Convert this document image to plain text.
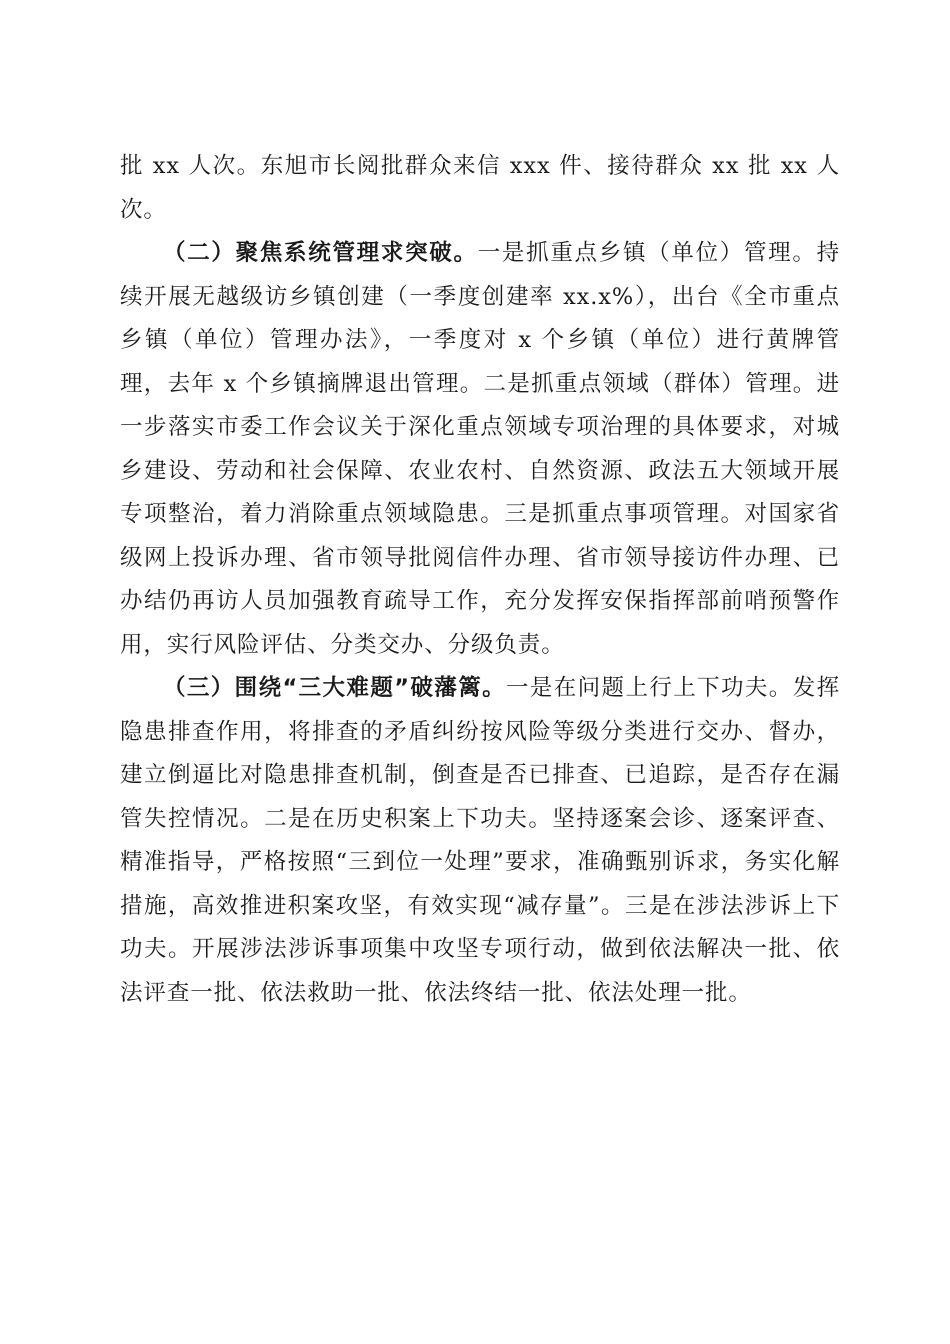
批 xx 人次。东旭市长阅批群众来信 xxx 件、接待群众 xx 批 xx 人次。

（二）聚焦系统管理求突破。一是抓重点乡镇（单位）管理。持续开展无越级访乡镇创建（一季度创建率 xx.x%），出台《全市重点乡镇（单位）管理办法》，一季度对 x 个乡镇（单位）进行黄牌管理，去年 x 个乡镇摘牌退出管理。二是抓重点领域（群体）管理。进一步落实市委工作会议关于深化重点领域专项治理的具体要求，对城乡建设、劳动和社会保障、农业农村、自然资源、政法五大领域开展专项整治，着力消除重点领域隐患。三是抓重点事项管理。对国家省级网上投诉办理、省市领导批阅信件办理、省市领导接访件办理、已办结仍再访人员加强教育疏导工作，充分发挥安保指挥部前哨预警作用，实行风险评估、分类交办、分级负责。

（三）围绕“三大难题”破藩篱。一是在问题上行上下功夫。发挥隐患排查作用，将排查的矛盾纠纷按风险等级分类进行交办、督办，建立倒逼比对隐患排查机制，倒查是否已排查、已追踪，是否存在漏管失控情况。二是在历史积案上下功夫。坚持逐案会诊、逐案评查、精准指导，严格按照“三到位一处理”要求，准确甄别诉求，务实化解措施，高效推进积案攻坚，有效实现“减存量”。三是在涉法涉诉上下功夫。开展涉法涉诉事项集中攻坚专项行动，做到依法解决一批、依法评查一批、依法救助一批、依法终结一批、依法处理一批。
